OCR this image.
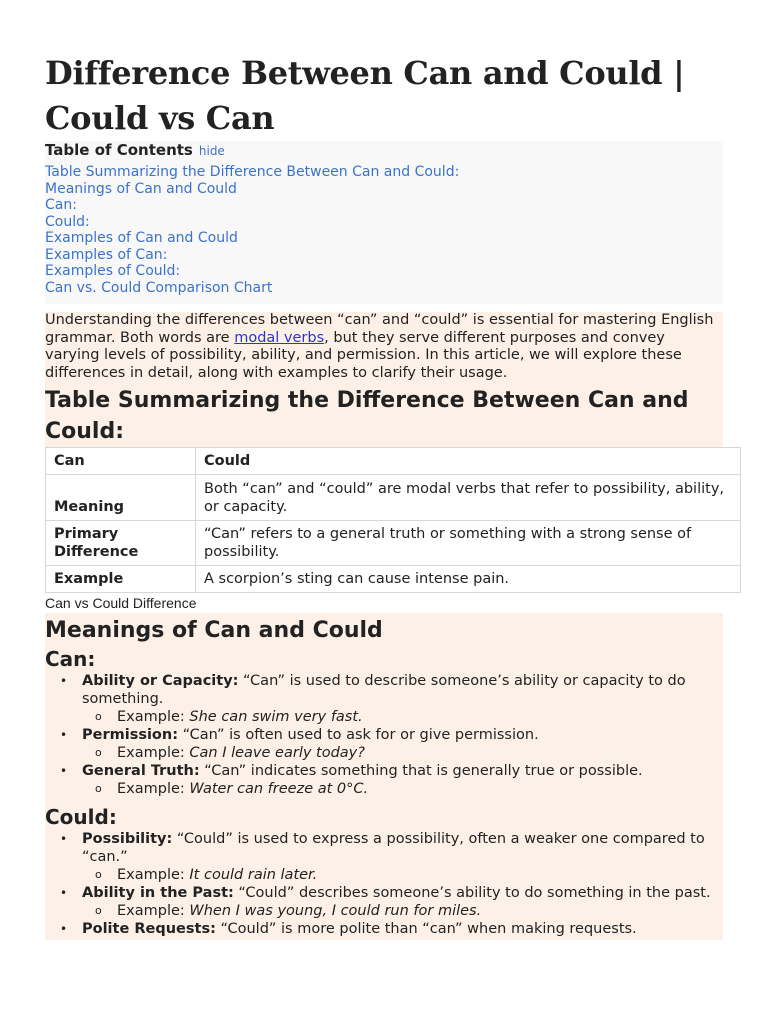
Difference Between Can and Could | Could vs Can
Table of Contents hide
Table Summarizing the Difference Between Can and Could:
Meanings of Can and Could
Can:
Could:
Examples of Can and Could
Examples of Can:
Examples of Could:
Can vs. Could Comparison Chart

Understanding the differences between “can” and “could” is essential for mastering English grammar. Both words are modal verbs, but they serve different purposes and convey varying levels of possibility, ability, and permission. In this article, we will explore these differences in detail, along with examples to clarify their usage.

Table Summarizing the Difference Between Can and Could:
Can	Could
Meaning	Both “can” and “could” are modal verbs that refer to possibility, ability, or capacity.
Primary Difference	“Can” refers to a general truth or something with a strong sense of possibility.
Example	A scorpion’s sting can cause intense pain.
Can vs Could Difference
Meanings of Can and Could
Can:
• Ability or Capacity: “Can” is used to describe someone’s ability or capacity to do something.
o Example: She can swim very fast.
• Permission: “Can” is often used to ask for or give permission.
o Example: Can I leave early today?
• General Truth: “Can” indicates something that is generally true or possible.
o Example: Water can freeze at 0°C.
Could:
• Possibility: “Could” is used to express a possibility, often a weaker one compared to “can.”
o Example: It could rain later.
• Ability in the Past: “Could” describes someone’s ability to do something in the past.
o Example: When I was young, I could run for miles.
• Polite Requests: “Could” is more polite than “can” when making requests.
